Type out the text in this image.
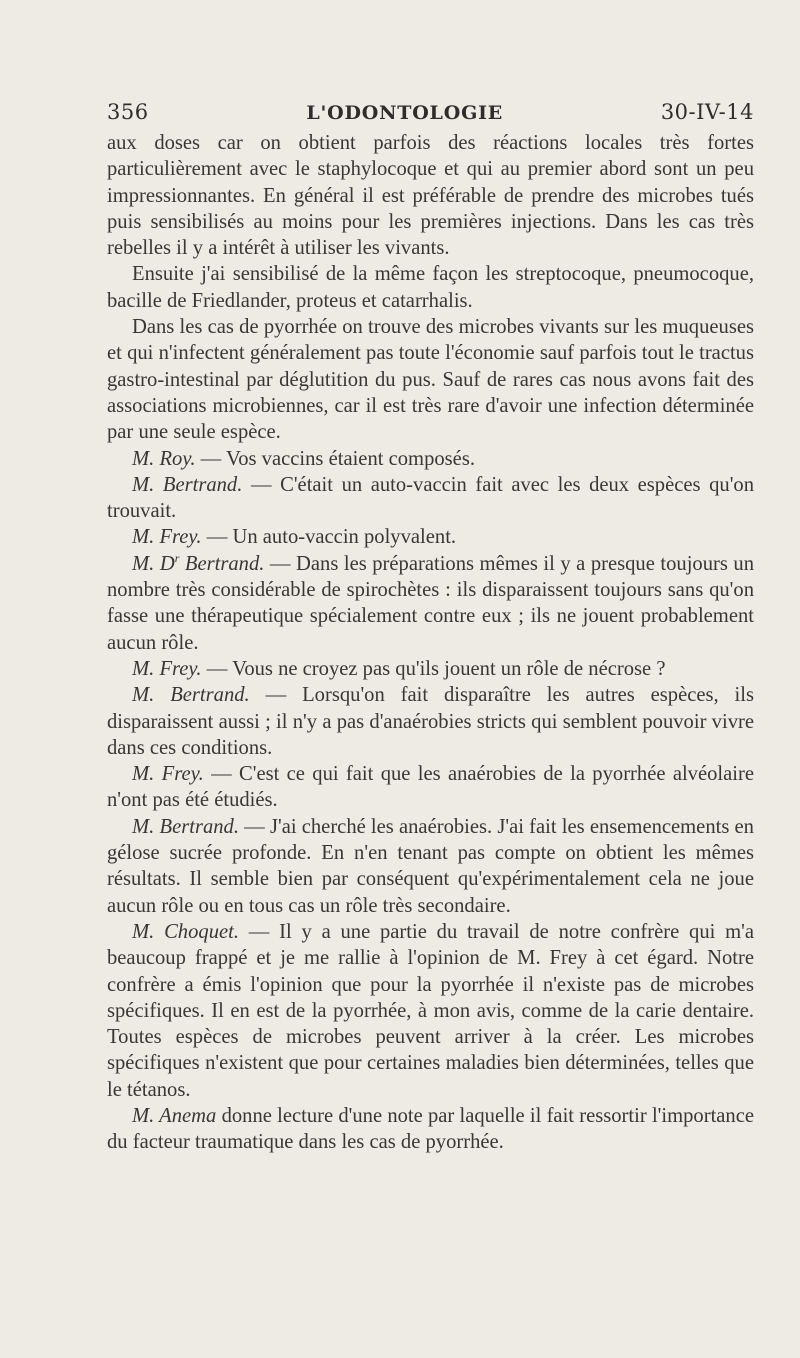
356	L'ODONTOLOGIE	30-IV-14

aux doses car on obtient parfois des réactions locales très fortes particulièrement avec le staphylocoque et qui au premier abord sont un peu impressionnantes. En général il est préférable de prendre des microbes tués puis sensibilisés au moins pour les premières injections. Dans les cas très rebelles il y a intérêt à utiliser les vivants.

Ensuite j'ai sensibilisé de la même façon les streptocoque, pneumocoque, bacille de Friedlander, proteus et catarrhalis.

Dans les cas de pyorrhée on trouve des microbes vivants sur les muqueuses et qui n'infectent généralement pas toute l'économie sauf parfois tout le tractus gastro-intestinal par déglutition du pus. Sauf de rares cas nous avons fait des associations microbiennes, car il est très rare d'avoir une infection déterminée par une seule espèce.

M. Roy. — Vos vaccins étaient composés.

M. Bertrand. — C'était un auto-vaccin fait avec les deux espèces qu'on trouvait.

M. Frey. — Un auto-vaccin polyvalent.

M. $D^r$ Bertrand. — Dans les préparations mêmes il y a presque toujours un nombre très considérable de spirochètes : ils disparaissent toujours sans qu'on fasse une thérapeutique spécialement contre eux ; ils ne jouent probablement aucun rôle.

M. Frey. — Vous ne croyez pas qu'ils jouent un rôle de nécrose ?

M. Bertrand. — Lorsqu'on fait disparaître les autres espèces, ils disparaissent aussi ; il n'y a pas d'anaérobies stricts qui semblent pouvoir vivre dans ces conditions.

M. Frey. — C'est ce qui fait que les anaérobies de la pyorrhée alvéolaire n'ont pas été étudiés.

M. Bertrand. — J'ai cherché les anaérobies. J'ai fait les ensemencements en gélose sucrée profonde. En n'en tenant pas compte on obtient les mêmes résultats. Il semble bien par conséquent qu'expérimentalement cela ne joue aucun rôle ou en tous cas un rôle très secondaire.

M. Choquet. — Il y a une partie du travail de notre confrère qui m'a beaucoup frappé et je me rallie à l'opinion de M. Frey à cet égard. Notre confrère a émis l'opinion que pour la pyorrhée il n'existe pas de microbes spécifiques. Il en est de la pyorrhée, à mon avis, comme de la carie dentaire. Toutes espèces de microbes peuvent arriver à la créer. Les microbes spécifiques n'existent que pour certaines maladies bien déterminées, telles que le tétanos.

M. Anema donne lecture d'une note par laquelle il fait ressortir l'importance du facteur traumatique dans les cas de pyorrhée.
